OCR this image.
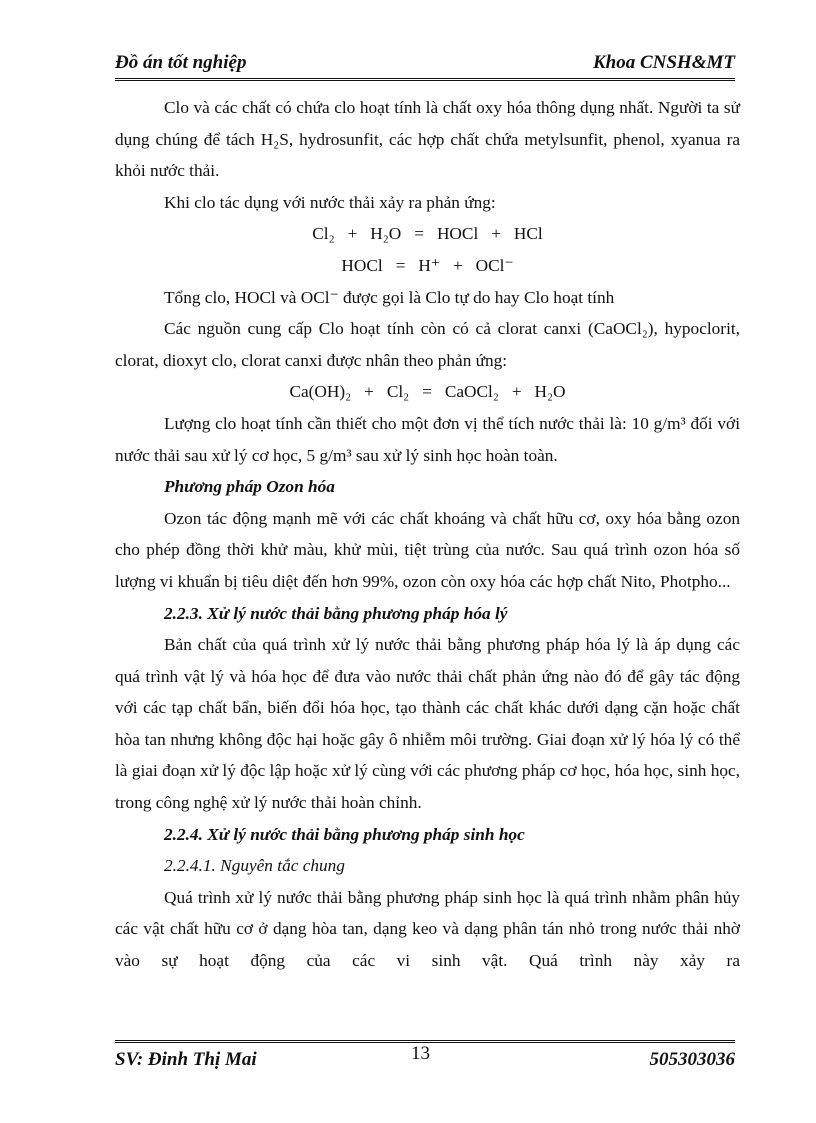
Đồ án tốt nghiệp	Khoa CNSH&MT

Clo và các chất có chứa clo hoạt tính là chất oxy hóa thông dụng nhất. Người ta sử dụng chúng để tách H₂S, hydrosunfit, các hợp chất chứa metylsunfit, phenol, xyanua ra khỏi nước thải.

Khi clo tác dụng với nước thải xảy ra phản ứng:

Cl₂   +   H₂O   =   HOCl   +   HCl

HOCl   =   H⁺   +   OCl⁻

Tổng clo, HOCl và OCl⁻ được gọi là Clo tự do hay Clo hoạt tính

Các nguồn cung cấp Clo hoạt tính còn có cả clorat canxi (CaOCl₂), hypoclorit, clorat, dioxyt clo, clorat canxi được nhân theo phản ứng:

Ca(OH)₂   +   Cl₂   =   CaOCl₂   +   H₂O

Lượng clo hoạt tính cần thiết cho một đơn vị thể tích nước thải là: 10 g/m³ đối với nước thải sau xử lý cơ học, 5 g/m³ sau xử lý sinh học hoàn toàn.

Phương pháp Ozon hóa

Ozon tác động mạnh mẽ với các chất khoáng và chất hữu cơ, oxy hóa bằng ozon cho phép đồng thời khử màu, khử mùi, tiệt trùng của nước. Sau quá trình ozon hóa số lượng vi khuẩn bị tiêu diệt đến hơn 99%, ozon còn oxy hóa các hợp chất Nito, Photpho...

2.2.3. Xử lý nước thải bằng phương pháp hóa lý

Bản chất của quá trình xử lý nước thải bằng phương pháp hóa lý là áp dụng các quá trình vật lý và hóa học để đưa vào nước thải chất phản ứng nào đó để gây tác động với các tạp chất bẩn, biến đổi hóa học, tạo thành các chất khác dưới dạng cặn hoặc chất hòa tan nhưng không độc hại hoặc gây ô nhiễm môi trường. Giai đoạn xử lý hóa lý có thể là giai đoạn xử lý độc lập hoặc xử lý cùng với các phương pháp cơ học, hóa học, sinh học, trong công nghệ xử lý nước thải hoàn chỉnh.

2.2.4. Xử lý nước thải bằng phương pháp sinh học

2.2.4.1. Nguyên tắc chung

Quá trình xử lý nước thải bằng phương pháp sinh học là quá trình nhằm phân hủy các vật chất hữu cơ ở dạng hòa tan, dạng keo và dạng phân tán nhỏ trong nước thải nhờ vào sự hoạt động của các vi sinh vật. Quá trình này xảy ra

SV: Đinh Thị Mai	13	505303036
